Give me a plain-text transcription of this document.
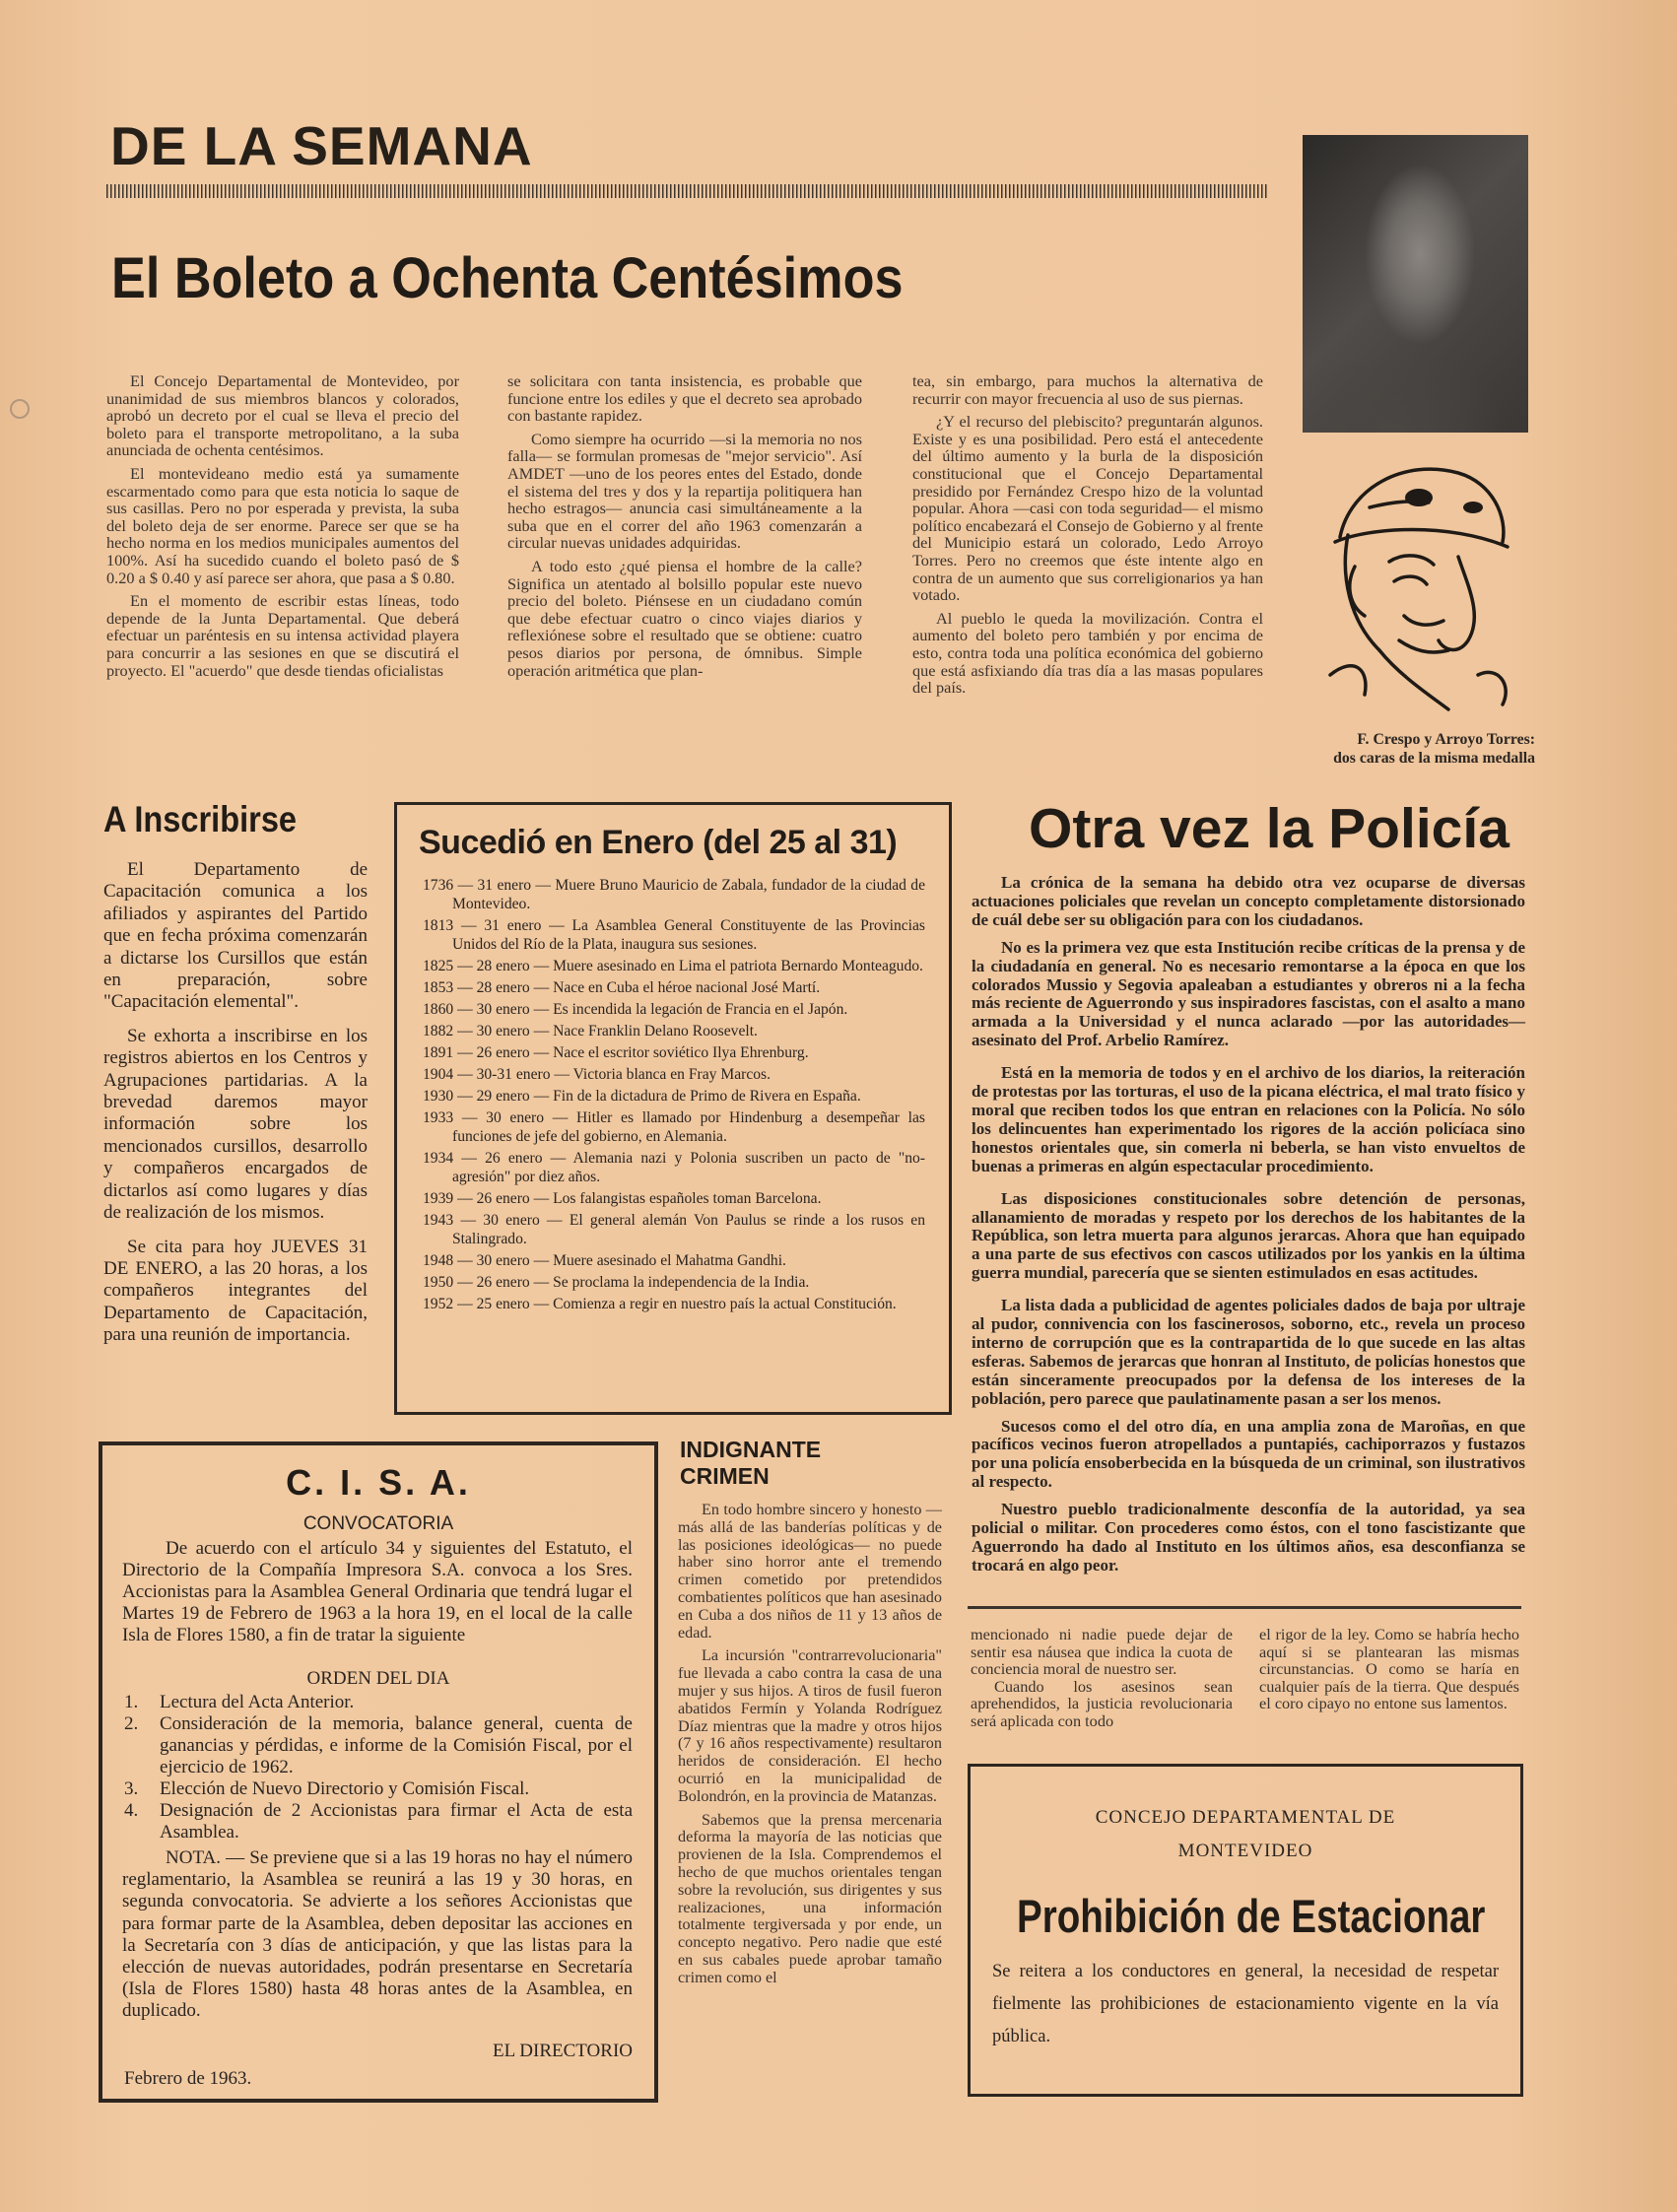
DE LA SEMANA
El Boleto a Ochenta Centésimos

El Concejo Departamental de Montevideo, por unanimidad de sus miembros blancos y colorados, aprobó un decreto por el cual se lleva el precio del boleto para el transporte metropolitano, a la suba anunciada de ochenta centésimos.

El montevideano medio está ya sumamente escarmentado como para que esta noticia lo saque de sus casillas. Pero no por esperada y prevista, la suba del boleto deja de ser enorme. Parece ser que se ha hecho norma en los medios municipales aumentos del 100%. Así ha sucedido cuando el boleto pasó de $ 0.20 a $ 0.40 y así parece ser ahora, que pasa a $ 0.80.

En el momento de escribir estas líneas, todo depende de la Junta Departamental. Que deberá efectuar un paréntesis en su intensa actividad playera para concurrir a las sesiones en que se discutirá el proyecto. El "acuerdo" que desde tiendas oficialistas

se solicitara con tanta insistencia, es probable que funcione entre los ediles y que el decreto sea aprobado con bastante rapidez.

Como siempre ha ocurrido —si la memoria no nos falla— se formulan promesas de "mejor servicio". Así AMDET —uno de los peores entes del Estado, donde el sistema del tres y dos y la repartija politiquera han hecho estragos— anuncia casi simultáneamente a la suba que en el correr del año 1963 comenzarán a circular nuevas unidades adquiridas.

A todo esto ¿qué piensa el hombre de la calle? Significa un atentado al bolsillo popular este nuevo precio del boleto. Piénsese en un ciudadano común que debe efectuar cuatro o cinco viajes diarios y reflexiónese sobre el resultado que se obtiene: cuatro pesos diarios por persona, de ómnibus. Simple operación aritmética que plan-

tea, sin embargo, para muchos la alternativa de recurrir con mayor frecuencia al uso de sus piernas.

¿Y el recurso del plebiscito? preguntarán algunos. Existe y es una posibilidad. Pero está el antecedente del último aumento y la burla de la disposición constitucional que el Concejo Departamental presidido por Fernández Crespo hizo de la voluntad popular. Ahora —casi con toda seguridad— el mismo político encabezará el Consejo de Gobierno y al frente del Municipio estará un colorado, Ledo Arroyo Torres. Pero no creemos que éste intente algo en contra de un aumento que sus correligionarios ya han votado.

Al pueblo le queda la movilización. Contra el aumento del boleto pero también y por encima de esto, contra toda una política económica del gobierno que está asfixiando día tras día a las masas populares del país.

F. Crespo y Arroyo Torres:
dos caras de la misma medalla
A Inscribirse

El Departamento de Capacitación comunica a los afiliados y aspirantes del Partido que en fecha próxima comenzarán a dictarse los Cursillos que están en preparación, sobre "Capacitación elemental".

Se exhorta a inscribirse en los registros abiertos en los Centros y Agrupaciones partidarias. A la brevedad daremos mayor información sobre los mencionados cursillos, desarrollo y compañeros encargados de dictarlos así como lugares y días de realización de los mismos.

Se cita para hoy JUEVES 31 DE ENERO, a las 20 horas, a los compañeros integrantes del Departamento de Capacitación, para una reunión de importancia.

Sucedió en Enero (del 25 al 31)
1736 — 31 enero — Muere Bruno Mauricio de Zabala, fundador de la ciudad de Montevideo.
1813 — 31 enero — La Asamblea General Constituyente de las Provincias Unidos del Río de la Plata, inaugura sus sesiones.
1825 — 28 enero — Muere asesinado en Lima el patriota Bernardo Monteagudo.
1853 — 28 enero — Nace en Cuba el héroe nacional José Martí.
1860 — 30 enero — Es incendida la legación de Francia en el Japón.
1882 — 30 enero — Nace Franklin Delano Roosevelt.
1891 — 26 enero — Nace el escritor soviético Ilya Ehrenburg.
1904 — 30-31 enero — Victoria blanca en Fray Marcos.
1930 — 29 enero — Fin de la dictadura de Primo de Rivera en España.
1933 — 30 enero — Hitler es llamado por Hindenburg a desempeñar las funciones de jefe del gobierno, en Alemania.
1934 — 26 enero — Alemania nazi y Polonia suscriben un pacto de "no-agresión" por diez años.
1939 — 26 enero — Los falangistas españoles toman Barcelona.
1943 — 30 enero — El general alemán Von Paulus se rinde a los rusos en Stalingrado.
1948 — 30 enero — Muere asesinado el Mahatma Gandhi.
1950 — 26 enero — Se proclama la independencia de la India.
1952 — 25 enero — Comienza a regir en nuestro país la actual Constitución.
Otra vez la Policía

La crónica de la semana ha debido otra vez ocuparse de diversas actuaciones policiales que revelan un concepto completamente distorsionado de cuál debe ser su obligación para con los ciudadanos.

No es la primera vez que esta Institución recibe críticas de la prensa y de la ciudadanía en general. No es necesario remontarse a la época en que los colorados Mussio y Segovia apaleaban a estudiantes y obreros ni a la fecha más reciente de Aguerrondo y sus inspiradores fascistas, con el asalto a mano armada a la Universidad y el nunca aclarado —por las autoridades— asesinato del Prof. Arbelio Ramírez.

Está en la memoria de todos y en el archivo de los diarios, la reiteración de protestas por las torturas, el uso de la picana eléctrica, el mal trato físico y moral que reciben todos los que entran en relaciones con la Policía. No sólo los delincuentes han experimentado los rigores de la acción policíaca sino honestos orientales que, sin comerla ni beberla, se han visto envueltos de buenas a primeras en algún espectacular procedimiento.

Las disposiciones constitucionales sobre detención de personas, allanamiento de moradas y respeto por los derechos de los habitantes de la República, son letra muerta para algunos jerarcas. Ahora que han equipado a una parte de sus efectivos con cascos utilizados por los yankis en la última guerra mundial, parecería que se sienten estimulados en esas actitudes.

La lista dada a publicidad de agentes policiales dados de baja por ultraje al pudor, connivencia con los fascinerosos, soborno, etc., revela un proceso interno de corrupción que es la contrapartida de lo que sucede en las altas esferas. Sabemos de jerarcas que honran al Instituto, de policías honestos que están sinceramente preocupados por la defensa de los intereses de la población, pero parece que paulatinamente pasan a ser los menos.

Sucesos como el del otro día, en una amplia zona de Maroñas, en que pacíficos vecinos fueron atropellados a puntapiés, cachiporrazos y fustazos por una policía ensoberbecida en la búsqueda de un criminal, son ilustrativos al respecto.

Nuestro pueblo tradicionalmente desconfía de la autoridad, ya sea policial o militar. Con procederes como éstos, con el tono fascistizante que Aguerrondo ha dado al Instituto en los últimos años, esa desconfianza se trocará en algo peor.

C. I. S. A.
CONVOCATORIA
De acuerdo con el artículo 34 y siguientes del Estatuto, el Directorio de la Compañía Impresora S.A. convoca a los Sres. Accionistas para la Asamblea General Ordinaria que tendrá lugar el Martes 19 de Febrero de 1963 a la hora 19, en el local de la calle Isla de Flores 1580, a fin de tratar la siguiente
ORDEN DEL DIA
1.	Lectura del Acta Anterior.
2.	Consideración de la memoria, balance general, cuenta de ganancias y pérdidas, e informe de la Comisión Fiscal, por el ejercicio de 1962.
3.	Elección de Nuevo Directorio y Comisión Fiscal.
4.	Designación de 2 Accionistas para firmar el Acta de esta Asamblea.
NOTA. — Se previene que si a las 19 horas no hay el número reglamentario, la Asamblea se reunirá a las 19 y 30 horas, en segunda convocatoria. Se advierte a los señores Accionistas que para formar parte de la Asamblea, deben depositar las acciones en la Secretaría con 3 días de anticipación, y que las listas para la elección de nuevas autoridades, podrán presentarse en Secretaría (Isla de Flores 1580) hasta 48 horas antes de la Asamblea, en duplicado.
EL DIRECTORIO
Febrero de 1963.
INDIGNANTE
CRIMEN

En todo hombre sincero y honesto —más allá de las banderías políticas y de las posiciones ideológicas— no puede haber sino horror ante el tremendo crimen cometido por pretendidos combatientes políticos que han asesinado en Cuba a dos niños de 11 y 13 años de edad.

La incursión "contrarrevolucionaria" fue llevada a cabo contra la casa de una mujer y sus hijos. A tiros de fusil fueron abatidos Fermín y Yolanda Rodríguez Díaz mientras que la madre y otros hijos (7 y 16 años respectivamente) resultaron heridos de consideración. El hecho ocurrió en la municipalidad de Bolondrón, en la provincia de Matanzas.

Sabemos que la prensa mercenaria deforma la mayoría de las noticias que provienen de la Isla. Comprendemos el hecho de que muchos orientales tengan sobre la revolución, sus dirigentes y sus realizaciones, una información totalmente tergiversada y por ende, un concepto negativo. Pero nadie que esté en sus cabales puede aprobar tamaño crimen como el

mencionado ni nadie puede dejar de sentir esa náusea que indica la cuota de conciencia moral de nuestro ser.

Cuando los asesinos sean aprehendidos, la justicia revolucionaria será aplicada con todo

el rigor de la ley. Como se habría hecho aquí si se plantearan las mismas circunstancias. O como se haría en cualquier país de la tierra. Que después el coro cipayo no entone sus lamentos.

CONCEJO DEPARTAMENTAL DE
MONTEVIDEO
Prohibición de Estacionar
Se reitera a los conductores en general, la necesidad de respetar fielmente las prohibiciones de estacionamiento vigente en la vía pública.
